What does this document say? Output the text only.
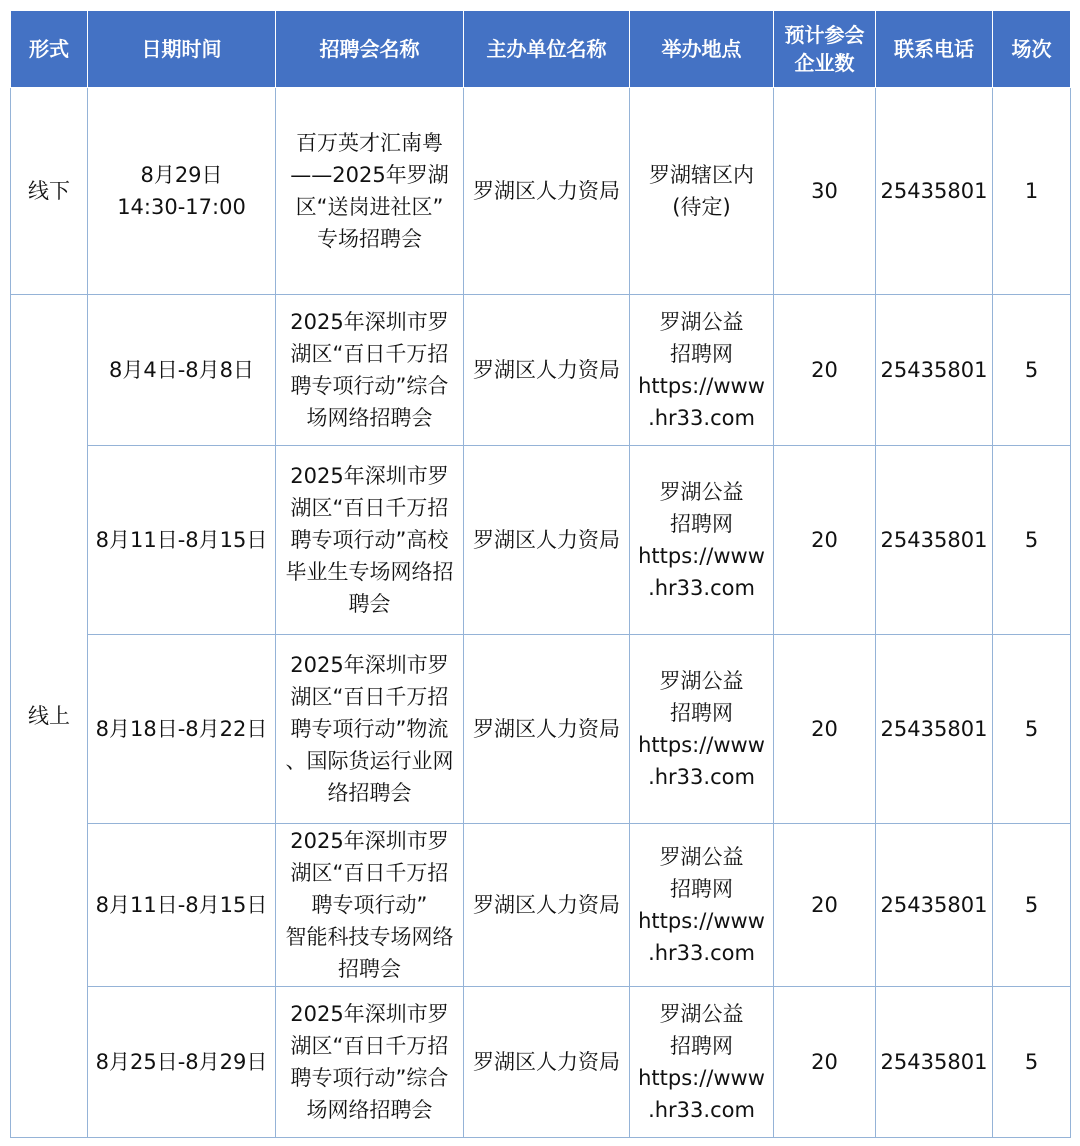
形式	日期时间	招聘会名称	主办单位名称	举办地点	预计参会
企业数	联系电话	场次
线下	8月29日
14:30-17:00	百万英才汇南粤
——2025年罗湖
区“送岗进社区”
专场招聘会	罗湖区人力资局	罗湖辖区内
(待定)	30	25435801	1
线上	8月4日-8月8日	2025年深圳市罗
湖区“百日千万招
聘专项行动”综合
场网络招聘会	罗湖区人力资局	罗湖公益
招聘网
https://www
.hr33.com	20	25435801	5
	8月11日-8月15日	2025年深圳市罗
湖区“百日千万招
聘专项行动”高校
毕业生专场网络招
聘会	罗湖区人力资局	罗湖公益
招聘网
https://www
.hr33.com	20	25435801	5
	8月18日-8月22日	2025年深圳市罗
湖区“百日千万招
聘专项行动”物流
、国际货运行业网
络招聘会	罗湖区人力资局	罗湖公益
招聘网
https://www
.hr33.com	20	25435801	5
	8月11日-8月15日	2025年深圳市罗
湖区“百日千万招
聘专项行动”
智能科技专场网络
招聘会	罗湖区人力资局	罗湖公益
招聘网
https://www
.hr33.com	20	25435801	5
	8月25日-8月29日	2025年深圳市罗
湖区“百日千万招
聘专项行动”综合
场网络招聘会	罗湖区人力资局	罗湖公益
招聘网
https://www
.hr33.com	20	25435801	5
